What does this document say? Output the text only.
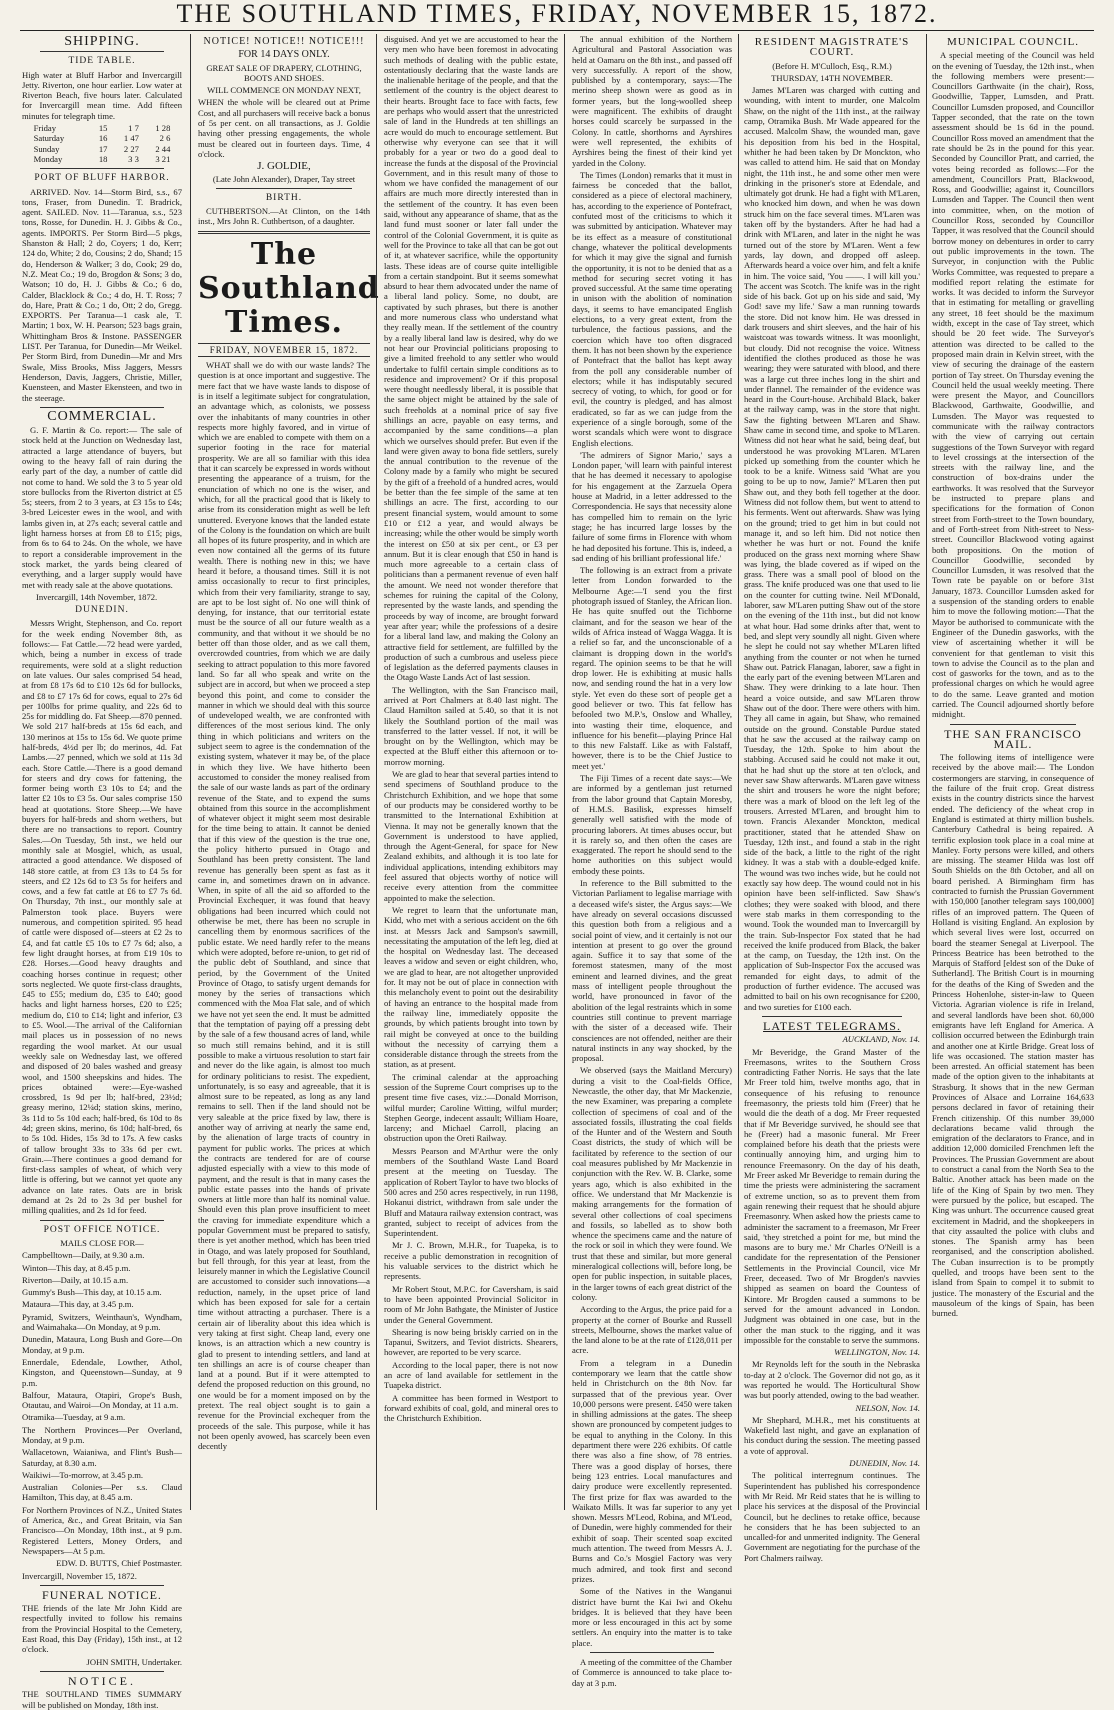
THE SOUTHLAND TIMES, FRIDAY, NOVEMBER 15, 1872.
SHIPPING.
TIDE TABLE.

High water at Bluff Harbor and Invercargill Jetty. Riverton, one hour earlier. Low water at Riverton Beach, five hours later. Calculated for Invercargill mean time. Add fifteen minutes for telegraph time.

Friday	15	1 7	1 28
Saturday	16	1 47	2 6
Sunday	17	2 27	2 44
Monday	18	3 3	3 21
PORT OF BLUFF HARBOR.

ARRIVED. Nov. 14—Storm Bird, s.s., 67 tons, Fraser, from Dunedin. T. Bradrick, agent. SAILED. Nov. 11—Taranua, s.s., 523 tons, Rosse, for Dunedin. H. J. Gibbs & Co., agents. IMPORTS. Per Storm Bird—5 pkgs, Shanston & Hall; 2 do, Coyers; 1 do, Kerr; 124 do, White; 2 do, Cousins; 2 do, Shand; 15 do, Henderson & Walker; 3 do, Cook; 29 do, N.Z. Meat Co.; 19 do, Brogdon & Sons; 3 do, Watson; 10 do, H. J. Gibbs & Co.; 6 do, Calder, Blacklock & Co.; 4 do, H. T. Ross; 7 do, Hare, Pratt & Co.; 1 do, Ott; 2 do, Gregg. EXPORTS. Per Taranua—1 cask ale, T. Martin; 1 box, W. H. Pearson; 523 bags grain, Whittingham Bros & Instone. PASSENGER LIST. Per Taranua, for Dunedin—Mr Weikel. Per Storm Bird, from Dunedin—Mr and Mrs Swale, Miss Brooks, Miss Jaggers, Messrs Henderson, Davis, Jaggers, Christie, Miller, Kuensteen, and Master Ekensteen, and two in the steerage.

COMMERCIAL.

G. F. Martin & Co. report:— The sale of stock held at the Junction on Wednesday last, attracted a large attendance of buyers, but owing to the heavy fall of rain during the early part of the day, a number of cattle did not come to hand. We sold the 3 to 5 year old store bullocks from the Riverton district at £5 5s; steers, from 2 to 3 years, at £3 15s to £4s; 3-bred Leicester ewes in the wool, and with lambs given in, at 27s each; several cattle and light harness horses at from £8 to £15; pigs, from 6s to 64 to 24s. On the whole, we have to report a considerable improvement in the stock market, the yards being cleared of everything, and a larger supply would have met with ready sale at the above quotations.

Invercargill, 14th November, 1872.

DUNEDIN.

Messrs Wright, Stephenson, and Co. report for the week ending November 8th, as follows:— Fat Cattle.—72 head were yarded, which, being a number in excess of trade requirements, were sold at a slight reduction on late values. Our sales comprised 54 head, at from £8 17s 6d to £10 12s 6d for bullocks, and £8 to £7 17s 6d for cows, equal to 27s 6d per 100lbs for prime quality, and 22s 6d to 25s for middling do. Fat Sheep.—870 penned. We sold 217 half-breds at 15s 6d each, and 130 merinos at 15s to 15s 6d. We quote prime half-breds, 4½d per lb; do merinos, 4d. Fat Lambs.—27 penned, which we sold at 11s 3d each. Store Cattle.—There is a good demand for steers and dry cows for fattening, the former being worth £3 10s to £4; and the latter £2 10s to £3 5s. Our sales comprise 150 head at quotations. Store Sheep.—We have buyers for half-breds and shorn wethers, but there are no transactions to report. Country Sales.—On Tuesday, 5th inst., we held our monthly sale at Mosgiel, which, as usual, attracted a good attendance. We disposed of 148 store cattle, at from £3 13s to £4 5s for steers, and £2 12s 6d to £3 5s for heifers and cows, and a few fat cattle at £6 to £7 7s 6d. On Thursday, 7th inst., our monthly sale at Palmerston took place. Buyers were numerous, and competition spirited. 95 head of cattle were disposed of—steers at £2 2s to £4, and fat cattle £5 10s to £7 7s 6d; also, a few light draught horses, at from £19 10s to £28. Horses.—Good heavy draughts and coaching horses continue in request; other sorts neglected. We quote first-class draughts, £45 to £55; medium do, £35 to £40; good hacks and light harness horses, £20 to £25; medium do, £10 to £14; light and inferior, £3 to £5. Wool.—The arrival of the Californian mail places us in possession of no news regarding the wool market. At our usual weekly sale on Wednesday last, we offered and disposed of 20 bales washed and greasy wool, and 1500 sheepskins and hides. The prices obtained were:—Eye-washed crossbred, 1s 9d per lb; half-bred, 23½d; greasy merino, 12¼d; station skins, merino, 3s 11d to 5s 10d each; half-bred, 6s 10d to 8s 4d; green skins, merino, 6s 10d; half-bred, 6s to 5s 10d. Hides, 15s 3d to 17s. A few casks of tallow brought 33s to 33s 6d per cwt. Grain.—There continues a good demand for first-class samples of wheat, of which very little is offering, but we cannot yet quote any advance on late rates. Oats are in brisk demand at 2s 2d to 2s 3d per bushel for milling qualities, and 2s 1d for feed.

POST OFFICE NOTICE.

MAILS CLOSE FOR—

Campbelltown—Daily, at 9.30 a.m.

Winton—This day, at 8.45 p.m.

Riverton—Daily, at 10.15 a.m.

Gummy's Bush—This day, at 10.15 a.m.

Mataura—This day, at 3.45 p.m.

Pyramid, Switzers, Weinthaun's, Wyndham, and Waimahaka—On Monday, at 9 p.m.

Dunedin, Mataura, Long Bush and Gore—On Monday, at 9 p.m.

Ennerdale, Edendale, Lowther, Athol, Kingston, and Queenstown—Sunday, at 9 p.m.

Balfour, Mataura, Otapiri, Grope's Bush, Otautau, and Wairoi—On Monday, at 11 a.m.

Otramika—Tuesday, at 9 a.m.

The Northern Provinces—Per Overland, Monday, at 9 p.m.

Wallacetown, Waianiwa, and Flint's Bush—Saturday, at 8.30 a.m.

Waikiwi—To-morrow, at 3.45 p.m.

Australian Colonies—Per s.s. Claud Hamilton, This day, at 8.45 a.m.

For Northern Provinces of N.Z., United States of America, &c., and Great Britain, via San Francisco—On Monday, 18th inst., at 9 p.m. Registered Letters, Money Orders, and Newspapers—At 5 p.m.

EDW. D. BUTTS, Chief Postmaster.

Invercargill, November 15, 1872.

FUNERAL NOTICE.

THE friends of the late Mr John Kidd are respectfully invited to follow his remains from the Provincial Hospital to the Cemetery, East Road, this Day (Friday), 15th inst., at 12 o'clock.

JOHN SMITH, Undertaker.

NOTICE.

THE SOUTHLAND TIMES SUMMARY will be published on Monday, 18th inst.

NOTICE! NOTICE!! NOTICE!!!

FOR 14 DAYS ONLY.

GREAT SALE OF DRAPERY, CLOTHING, BOOTS AND SHOES.

WILL COMMENCE ON MONDAY NEXT,

WHEN the whole will be cleared out at Prime Cost, and all purchasers will receive back a bonus of 5s per cent. on all transactions, as J. Goldie having other pressing engagements, the whole must be cleared out in fourteen days. Time, 4 o'clock.

J. GOLDIE,

(Late John Alexander), Draper, Tay street

BIRTH.

CUTHBERTSON.—At Clinton, on the 14th inst., Mrs John R. Cuthbertson, of a daughter.

The Southland Times.
FRIDAY, NOVEMBER 15, 1872.

WHAT shall we do with our waste lands? The question is at once important and suggestive. The mere fact that we have waste lands to dispose of is in itself a legitimate subject for congratulation, an advantage which, as colonists, we possess over the inhabitants of many countries in other respects more highly favored, and in virtue of which we are enabled to compete with them on a superior footing in the race for material prosperity. We are all so familiar with this idea that it can scarcely be expressed in words without presenting the appearance of a truism, for the enunciation of which no one is the wiser, and which, for all the practical good that is likely to arise from its consideration might as well be left unuttered. Everyone knows that the landed estate of the Colony is the foundation on which are built all hopes of its future prosperity, and in which are even now contained all the germs of its future wealth. There is nothing new in this; we have heard it before, a thousand times. Still it is not amiss occasionally to recur to first principles, which from their very familiarity, strange to say, are apt to be lost sight of. No one will think of denying, for instance, that our territorial estate must be the source of all our future wealth as a community, and that without it we should be no better off than those older, and as we call them, overcrowded countries, from which we are daily seeking to attract population to this more favored land. So far all who speak and write on the subject are in accord, but when we proceed a step beyond this point, and come to consider the manner in which we should deal with this source of undeveloped wealth, we are confronted with differences of the most serious kind. The only thing in which politicians and writers on the subject seem to agree is the condemnation of the existing system, whatever it may be, of the place in which they live. We have hitherto been accustomed to consider the money realised from the sale of our waste lands as part of the ordinary revenue of the State, and to expend the sums obtained from this source in the accomplishment of whatever object it might seem most desirable for the time being to attain. It cannot be denied that if this view of the question is the true one, the policy hitherto pursued in Otago and Southland has been pretty consistent. The land revenue has generally been spent as fast as it came in, and sometimes drawn on in advance. When, in spite of all the aid so afforded to the Provincial Exchequer, it was found that heavy obligations had been incurred which could not otherwise be met, there has been no scruple in cancelling them by enormous sacrifices of the public estate. We need hardly refer to the means which were adopted, before re-union, to get rid of the public debt of Southland, and since that period, by the Government of the United Province of Otago, to satisfy urgent demands for money by the series of transactions which commenced with the Moa Flat sale, and of which we have not yet seen the end. It must be admitted that the temptation of paying off a pressing debt by the sale of a few thousand acres of land, while so much still remains behind, and it is still possible to make a virtuous resolution to start fair and never do the like again, is almost too much for ordinary politicians to resist. The expedient, unfortunately, is so easy and agreeable, that it is almost sure to be repeated, as long as any land remains to sell. Then if the land should not be very saleable at the price fixed by law, there is another way of arriving at nearly the same end, by the alienation of large tracts of country in payment for public works. The prices at which the contracts are tendered for are of course adjusted especially with a view to this mode of payment, and the result is that in many cases the public estate passes into the hands of private owners at little more than half its nominal value. Should even this plan prove insufficient to meet the craving for immediate expenditure which a popular Government must be prepared to satisfy, there is yet another method, which has been tried in Otago, and was lately proposed for Southland, but fell through, for this year at least, from the leisurely manner in which the Legislative Council are accustomed to consider such innovations—a reduction, namely, in the upset price of land which has been exposed for sale for a certain time without attracting a purchaser. There is a certain air of liberality about this idea which is very taking at first sight. Cheap land, every one knows, is an attraction which a new country is glad to present to intending settlers, and land at ten shillings an acre is of course cheaper than land at a pound. But if it were attempted to defend the proposed reduction on this ground, no one would be for a moment imposed on by the pretext. The real object sought is to gain a revenue for the Provincial exchequer from the proceeds of the sale. This purpose, while it has not been openly avowed, has scarcely been even decently

disguised. And yet we are accustomed to hear the very men who have been foremost in advocating such methods of dealing with the public estate, ostentatiously declaring that the waste lands are the inalienable heritage of the people, and that the settlement of the country is the object dearest to their hearts. Brought face to face with facts, few are perhaps who would assert that the unrestricted sale of land in the Hundreds at ten shillings an acre would do much to encourage settlement. But otherwise why everyone can see that it will probably for a year or two do a good deal to increase the funds at the disposal of the Provincial Government, and in this result many of those to whom we have confided the management of our affairs are much more directly interested than in the settlement of the country. It has even been said, without any appearance of shame, that as the land fund must sooner or later fall under the control of the Colonial Government, it is quite as well for the Province to take all that can be got out of it, at whatever sacrifice, while the opportunity lasts. These ideas are of course quite intelligible from a certain standpoint. But it seems somewhat absurd to hear them advocated under the name of a liberal land policy. Some, no doubt, are captivated by such phrases, but there is another and more numerous class who understand what they really mean. If the settlement of the country by a really liberal land law is desired, why do we not hear our Provincial politicians proposing to give a limited freehold to any settler who would undertake to fulfil certain simple conditions as to residence and improvement? Or if this proposal were thought needlessly liberal, it is possible that the same object might be attained by the sale of such freeholds at a nominal price of say five shillings an acre, payable on easy terms, and accompanied by the same conditions—a plan which we ourselves should prefer. But even if the land were given away to bona fide settlers, surely the annual contribution to the revenue of the Colony made by a family who might be secured by the gift of a freehold of a hundred acres, would be better than the fee simple of the same at ten shillings an acre. The first, according to our present financial system, would amount to some £10 or £12 a year, and would always be increasing; while the other would be simply worth the interest on £50 at six per cent., or £3 per annum. But it is clear enough that £50 in hand is much more agreeable to a certain class of politicians than a permanent revenue of even half the amount. We need not wonder therefore that schemes for ruining the capital of the Colony, represented by the waste lands, and spending the proceeds by way of income, are brought forward year after year; while the professions of a desire for a liberal land law, and making the Colony an attractive field for settlement, are fulfilled by the production of such a cumbrous and useless piece of legislation as the deferred payments clauses in the Otago Waste Lands Act of last session.

The Wellington, with the San Francisco mail, arrived at Port Chalmers at 8.40 last night. The Claud Hamilton sailed at 5.40, so that it is not likely the Southland portion of the mail was transferred to the latter vessel. If not, it will be brought on by the Wellington, which may be expected at the Bluff either this afternoon or to-morrow morning.

We are glad to hear that several parties intend to send specimens of Southland produce to the Christchurch Exhibition, and we hope that some of our products may be considered worthy to be transmitted to the International Exhibition at Vienna. It may not be generally known that the Government is understood to have applied, through the Agent-General, for space for New Zealand exhibits, and although it is too late for individual applications, intending exhibitors may feel assured that objects worthy of notice will receive every attention from the committee appointed to make the selection.

We regret to learn that the unfortunate man, Kidd, who met with a serious accident on the 6th inst. at Messrs Jack and Sampson's sawmill, necessitating the amputation of the left leg, died at the hospital on Wednesday last. The deceased leaves a widow and seven or eight children, who, we are glad to hear, are not altogether unprovided for. It may not be out of place in connection with this melancholy event to point out the desirability of having an entrance to the hospital made from the railway line, immediately opposite the grounds, by which patients brought into town by rail might be conveyed at once to the building without the necessity of carrying them a considerable distance through the streets from the station, as at present.

The criminal calendar at the approaching session of the Supreme Court comprises up to the present time five cases, viz.:—Donald Morrison, wilful murder; Caroline Witting, wilful murder; Stephen George, indecent assault; William Hoare, larceny; and Michael Carroll, placing an obstruction upon the Oreti Railway.

Messrs Pearson and M'Arthur were the only members of the Southland Waste Land Board present at the meeting on Tuesday. The application of Robert Taylor to have two blocks of 500 acres and 250 acres respectively, in run 1198, Hokanui district, withdrawn from sale under the Bluff and Mataura railway extension contract, was granted, subject to receipt of advices from the Superintendent.

Mr J. C. Brown, M.H.R., for Tuapeka, is to receive a public demonstration in recognition of his valuable services to the district which he represents.

Mr Robert Stout, M.P.C. for Caversham, is said to have been appointed Provincial Solicitor in room of Mr John Bathgate, the Minister of Justice under the General Government.

Shearing is now being briskly carried on in the Tapanui, Switzers, and Teviot districts. Shearers, however, are reported to be very scarce.

According to the local paper, there is not now an acre of land available for settlement in the Tuapeka district.

A committee has been formed in Westport to forward exhibits of coal, gold, and mineral ores to the Christchurch Exhibition.

The annual exhibition of the Northern Agricultural and Pastoral Association was held at Oamaru on the 8th inst., and passed off very successfully. A report of the show, published by a contemporary, says:—The merino sheep shown were as good as in former years, but the long-woolled sheep were magnificent. The exhibits of draught horses could scarcely be surpassed in the Colony. In cattle, shorthorns and Ayrshires were well represented, the exhibits of Ayrshires being the finest of their kind yet yarded in the Colony.

The Times (London) remarks that it must in fairness be conceded that the ballot, considered as a piece of electoral machinery, has, according to the experience of Pontefract, confuted most of the criticisms to which it was submitted by anticipation. Whatever may be its effect as a measure of constitutional change, whatever the political developments for which it may give the signal and furnish the opportunity, it is not to be denied that as a method for securing secret voting it has proved successful. At the same time operating in unison with the abolition of nomination days, it seems to have emancipated English elections, to a very great extent, from the turbulence, the factious passions, and the coercion which have too often disgraced them. It has not been shown by the experience of Pontefract that the ballot has kept away from the poll any considerable number of electors; while it has indisputably secured secrecy of voting, to which, for good or for evil, the country is pledged, and has almost eradicated, so far as we can judge from the experience of a single borough, some of the worst scandals which were wont to disgrace English elections.

'The admirers of Signor Mario,' says a London paper, 'will learn with painful interest that he has deemed it necessary to apologise for his engagement at the Zarzuela Opera house at Madrid, in a letter addressed to the Correspondencia. He says that necessity alone has compelled him to remain on the lyric stage; he has incurred large losses by the failure of some firms in Florence with whom he had deposited his fortune. This is, indeed, a sad ending of his brilliant professional life.'

The following is an extract from a private letter from London forwarded to the Melbourne Age:—'I send you the first photograph issued of Stanley, the African lion. He has quite snuffed out the Tichborne claimant, and for the season we hear of the wilds of Africa instead of Wagga Wagga. It is a relief so far, and the unconscionable of a claimant is dropping down in the world's regard. The opinion seems to be that he will drop lower. He is exhibiting at music halls now, and sending round the hat in a very low style. Yet even do these sort of people get a good believer or two. This fat fellow has befooled two M.P.'s, Onslow and Whalley, into wasting their time, eloquence, and influence for his benefit—playing Prince Hal to this new Falstaff. Like as with Falstaff, however, there is to be the Chief Justice to meet yet.'

The Fiji Times of a recent date says:—We are informed by a gentleman just returned from the labor ground that Captain Moresby, of H.M.S. Basilisk, expresses himself generally well satisfied with the mode of procuring laborers. At times abuses occur, but it is rarely so, and then often the cases are exaggerated. The report he should send to the home authorities on this subject would embody these points.

In reference to the Bill submitted to the Victorian Parliament to legalise marriage with a deceased wife's sister, the Argus says:—We have already on several occasions discussed this question both from a religious and a social point of view, and it certainly is not our intention at present to go over the ground again. Suffice it to say that some of the foremost statesmen, many of the most eminent and learned divines, and the great mass of intelligent people throughout the world, have pronounced in favor of the abolition of the legal restraints which in some countries still continue to prevent marriage with the sister of a deceased wife. Their consciences are not offended, neither are their natural instincts in any way shocked, by the proposal.

We observed (says the Maitland Mercury) during a visit to the Coal-fields Office, Newcastle, the other day, that Mr Mackenzie, the new Examiner, was preparing a complete collection of specimens of coal and of the associated fossils, illustrating the coal fields of the Hunter and of the Western and South Coast districts, the study of which will be facilitated by reference to the section of our coal measures published by Mr Mackenzie in conjunction with the Rev. W. B. Clarke, some years ago, which is also exhibited in the office. We understand that Mr Mackenzie is making arrangements for the formation of several other collections of coal specimens and fossils, so labelled as to show both whence the specimens came and the nature of the rock or soil in which they were found. We trust that these and similar, but more general mineralogical collections will, before long, be open for public inspection, in suitable places, in the larger towns of each great district of the colony.

According to the Argus, the price paid for a property at the corner of Bourke and Russell streets, Melbourne, shows the market value of the land alone to be at the rate of £128,011 per acre.

From a telegram in a Dunedin contemporary we learn that the cattle show held in Christchurch on the 8th Nov. far surpassed that of the previous year. Over 10,000 persons were present. £450 were taken in shilling admissions at the gates. The sheep shown are pronounced by competent judges to be equal to anything in the Colony. In this department there were 226 exhibits. Of cattle there was also a fine show, of 78 entries. There was a good display of horses, there being 123 entries. Local manufactures and dairy produce were excellently represented. The first prize for flax was awarded to the Waikato Mills. It was far superior to any yet shown. Messrs M'Leod, Robina, and M'Leod, of Dunedin, were highly commended for their exhibit of soap. Their scented soap excited much attention. The tweed from Messrs A. J. Burns and Co.'s Mosgiel Factory was very much admired, and took first and second prizes.

Some of the Natives in the Wanganui district have burnt the Kai Iwi and Okehu bridges. It is believed that they have been more or less encouraged in this act by some settlers. An enquiry into the matter is to take place.

A meeting of the committee of the Chamber of Commerce is announced to take place to-day at 3 p.m.

RESIDENT MAGISTRATE'S COURT.

(Before H. M'Culloch, Esq., R.M.)

THURSDAY, 14TH NOVEMBER.

James M'Laren was charged with cutting and wounding, with intent to murder, one Malcolm Shaw, on the night of the 11th inst., at the railway camp, Otramika Bush. Mr Wade appeared for the accused. Malcolm Shaw, the wounded man, gave his deposition from his bed in the Hospital, whither he had been taken by Dr Monckton, who was called to attend him. He said that on Monday night, the 11th inst., he and some other men were drinking in the prisoner's store at Edendale, and ultimately got drunk. He had a fight with M'Laren, who knocked him down, and when he was down struck him on the face several times. M'Laren was taken off by the bystanders. After he had had a drink with M'Laren, and later in the night he was turned out of the store by M'Laren. Went a few yards, lay down, and dropped off asleep. Afterwards heard a voice over him, and felt a knife in him. The voice said, 'You ——. I will kill you.' The accent was Scotch. The knife was in the right side of his back. Got up on his side and said, 'My God! save my life.' Saw a man running towards the store. Did not know him. He was dressed in dark trousers and shirt sleeves, and the hair of his waistcoat was towards witness. It was moonlight, but cloudy. Did not recognise the voice. Witness identified the clothes produced as those he was wearing; they were saturated with blood, and there was a large cut three inches long in the shirt and under flannel. The remainder of the evidence was heard in the Court-house. Archibald Black, baker at the railway camp, was in the store that night. Saw the fighting between M'Laren and Shaw. Shaw came in second time, and spoke to M'Laren. Witness did not hear what he said, being deaf, but understood he was provoking M'Laren. M'Laren picked up something from the counter which he took to be a knife. Witness said 'What are you going to be up to now, Jamie?' M'Laren then put Shaw out, and they both fell together at the door. Witness did not follow them, but went to attend to his ferments. Went out afterwards. Shaw was lying on the ground; tried to get him in but could not manage it, and so left him. Did not notice then whether he was hurt or not. Found the knife produced on the grass next morning where Shaw was lying, the blade covered as if wiped on the grass. There was a small pool of blood on the grass. The knife produced was one that used to lie on the counter for cutting twine. Neil M'Donald, laborer, saw M'Laren putting Shaw out of the store on the evening of the 11th inst., but did not know at what hour. Had some drinks after that, went to bed, and slept very soundly all night. Given where he slept he could not say whether M'Laren lifted anything from the counter or not when he turned Shaw out. Patrick Flanagan, laborer, saw a fight in the early part of the evening between M'Laren and Shaw. They were drinking to a late hour. Then heard a voice outside, and saw M'Laren throw Shaw out of the door. There were others with him. They all came in again, but Shaw, who remained outside on the ground. Constable Purdue stated that he saw the accused at the railway camp on Tuesday, the 12th. Spoke to him about the stabbing. Accused said he could not make it out, that he had shut up the store at ten o'clock, and never saw Shaw afterwards. M'Laren gave witness the shirt and trousers he wore the night before; there was a mark of blood on the left leg of the trousers. Arrested M'Laren, and brought him to town. Francis Alexander Monckton, medical practitioner, stated that he attended Shaw on Tuesday, 12th inst., and found a stab in the right side of the back, a little to the right of the right kidney. It was a stab with a double-edged knife. The wound was two inches wide, but he could not exactly say how deep. The wound could not in his opinion have been self-inflicted. Saw Shaw's clothes; they were soaked with blood, and there were stab marks in them corresponding to the wound. Took the wounded man to Invercargill by the train. Sub-Inspector Fox stated that he had received the knife produced from Black, the baker at the camp, on Tuesday, the 12th inst. On the application of Sub-Inspector Fox the accused was remanded for eight days, to admit of the production of further evidence. The accused was admitted to bail on his own recognisance for £200, and two sureties for £100 each.

LATEST TELEGRAMS.

AUCKLAND, Nov. 14.

Mr Beveridge, the Grand Master of the Freemasons, writes to the Southern Cross contradicting Father Norris. He says that the late Mr Freer told him, twelve months ago, that in consequence of his refusing to renounce freemasonry, the priests told him (Freer) that he would die the death of a dog. Mr Freer requested that if Mr Beveridge survived, he should see that he (Freer) had a masonic funeral. Mr Freer complained before his death that the priests were continually annoying him, and urging him to renounce Freemasonry. On the day of his death, Mr Freer asked Mr Beveridge to remain during the time the priests were administering the sacrament of extreme unction, so as to prevent them from again renewing their request that he should abjure Freemasonry. When asked how the priests came to administer the sacrament to a freemason, Mr Freer said, 'they stretched a point for me, but mind the masons are to bury me.' Mr Charles O'Neill is a candidate for the representation of the Pensioner Settlements in the Provincial Council, vice Mr Freer, deceased. Two of Mr Brogden's navvies shipped as seamen on board the Countess of Kintore. Mr Brogden caused a summons to be served for the amount advanced in London. Judgment was obtained in one case, but in the other the man stuck to the rigging, and it was impossible for the constable to serve the summons.

WELLINGTON, Nov. 14.

Mr Reynolds left for the south in the Nebraska to-day at 2 o'clock. The Governor did not go, as it was reported he would. The Horticultural Show was but poorly attended, owing to the bad weather.

NELSON, Nov. 14.

Mr Shephard, M.H.R., met his constituents at Wakefield last night, and gave an explanation of his conduct during the session. The meeting passed a vote of approval.

DUNEDIN, Nov. 14.

The political interregnum continues. The Superintendent has published his correspondence with Mr Reid. Mr Reid states that he is willing to place his services at the disposal of the Provincial Council, but he declines to retake office, because he considers that he has been subjected to an uncalled-for and unmerited indignity. The General Government are negotiating for the purchase of the Port Chalmers railway.

MUNICIPAL COUNCIL.

A special meeting of the Council was held on the evening of Tuesday, the 12th inst., when the following members were present:—Councillors Garthwaite (in the chair), Ross, Goodwillie, Tapper, Lumsden, and Pratt. Councillor Lumsden proposed, and Councillor Tapper seconded, that the rate on the town assessment should be 1s 6d in the pound. Councillor Ross moved an amendment that the rate should be 2s in the pound for this year. Seconded by Councillor Pratt, and carried, the votes being recorded as follows:—For the amendment, Councillors Pratt, Blackwood, Ross, and Goodwillie; against it, Councillors Lumsden and Tapper. The Council then went into committee, when, on the motion of Councillor Ross, seconded by Councillor Tapper, it was resolved that the Council should borrow money on debentures in order to carry out public improvements in the town. The Surveyor, in conjunction with the Public Works Committee, was requested to prepare a modified report relating the estimate for works. It was decided to inform the Surveyor that in estimating for metalling or gravelling any street, 18 feet should be the maximum width, except in the case of Tay street, which should be 20 feet wide. The Surveyor's attention was directed to be called to the proposed main drain in Kelvin street, with the view of securing the drainage of the eastern portion of Tay street. On Thursday evening the Council held the usual weekly meeting. There were present the Mayor, and Councillors Blackwood, Garthwaite, Goodwillie, and Lumsden. The Mayor was requested to communicate with the railway contractors with the view of carrying out certain suggestions of the Town Surveyor with regard to level crossings at the intersection of the streets with the railway line, and the construction of box-drains under the earthworks. It was resolved that the Surveyor be instructed to prepare plans and specifications for the formation of Conon street from Forth-street to the Town boundary, and of Forth-street from Nith-street to Ness-street. Councillor Blackwood voting against both propositions. On the motion of Councillor Goodwillie, seconded by Councillor Lumsden, it was resolved that the Town rate be payable on or before 31st January, 1873. Councillor Lumsden asked for a suspension of the standing orders to enable him to move the following motion:—That the Mayor be authorised to communicate with the Engineer of the Dunedin gasworks, with the view of ascertaining whether it will be convenient for that gentleman to visit this town to advise the Council as to the plan and cost of gasworks for the town, and as to the professional charges on which he would agree to do the same. Leave granted and motion carried. The Council adjourned shortly before midnight.

THE SAN FRANCISCO MAIL.

The following items of intelligence were received by the above mail:— The London costermongers are starving, in consequence of the failure of the fruit crop. Great distress exists in the country districts since the harvest ended. The deficiency of the wheat crop in England is estimated at thirty million bushels. Canterbury Cathedral is being repaired. A terrific explosion took place in a coal mine at Manley. Forty persons were killed, and others are missing. The steamer Hilda was lost off South Shields on the 8th October, and all on board perished. A Birmingham firm has contracted to furnish the Prussian Government with 150,000 [another telegram says 100,000] rifles of an improved pattern. The Queen of Holland is visiting England. An explosion by which several lives were lost, occurred on board the steamer Senegal at Liverpool. The Princess Beatrice has been betrothed to the Marquis of Stafford [eldest son of the Duke of Sutherland]. The British Court is in mourning for the deaths of the King of Sweden and the Princess Hohenlohe, sister-in-law to Queen Victoria. Agrarian violence is rife in Ireland, and several landlords have been shot. 60,000 emigrants have left England for America. A collision occurred between the Edinburgh train and another one at Kirtle Bridge. Great loss of life was occasioned. The station master has been arrested. An official statement has been made of the option given to the inhabitants at Strasburg. It shows that in the new German Provinces of Alsace and Lorraine 164,633 persons declared in favor of retaining their French citizenship. Of this number 39,000 declarations became valid through the emigration of the declarators to France, and in addition 12,000 domiciled Frenchmen left the Provinces. The Prussian Government are about to construct a canal from the North Sea to the Baltic. Another attack has been made on the life of the King of Spain by two men. They were pursued by the police, but escaped. The King was unhurt. The occurrence caused great excitement in Madrid, and the shopkeepers in that city assaulted the police with clubs and stones. The Spanish army has been reorganised, and the conscription abolished. The Cuban insurrection is to be promptly quelled, and troops have been sent to the island from Spain to compel it to submit to justice. The monastery of the Escurial and the mausoleum of the kings of Spain, has been burned.
